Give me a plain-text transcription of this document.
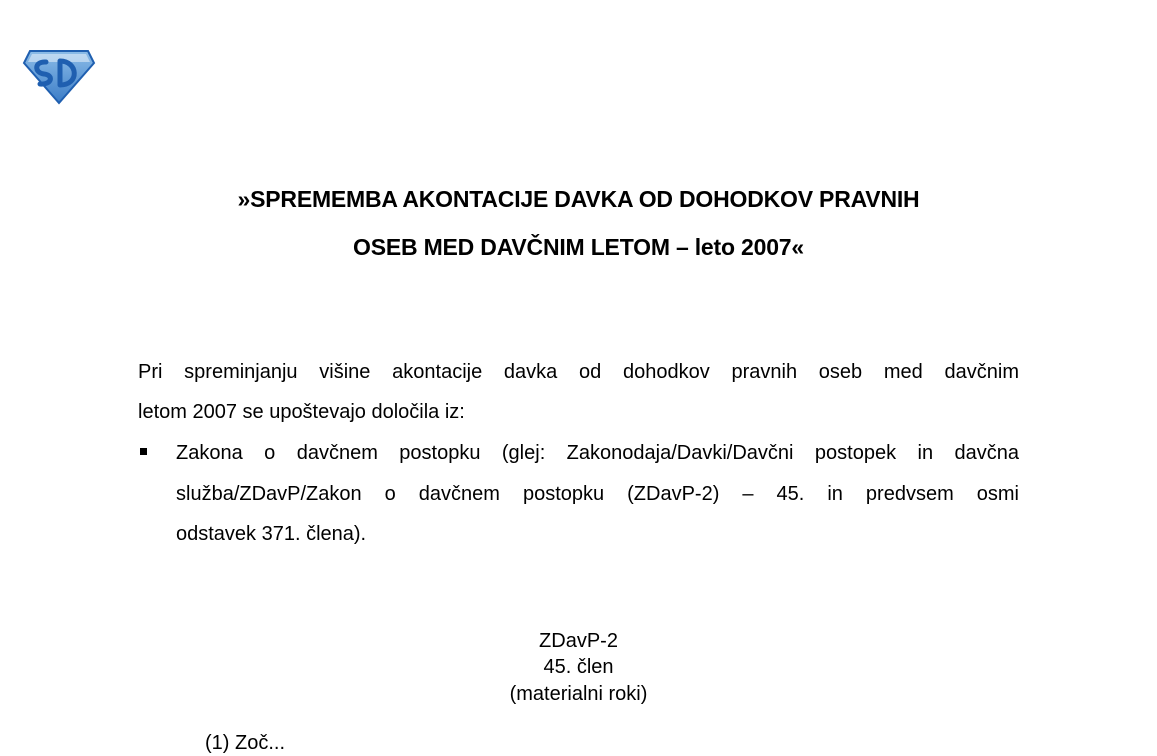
»SPREMEMBA AKONTACIJE DAVKA OD DOHODKOV PRAVNIH

OSEB MED DAVČNIM LETOM – leto 2007«

Pri spreminjanju višine akontacije davka od dohodkov pravnih oseb med davčnim

letom 2007 se upoštevajo določila iz:

Zakona o davčnem postopku (glej: Zakonodaja/Davki/Davčni postopek in davčna

služba/ZDavP/Zakon o davčnem postopku (ZDavP-2) – 45. in predvsem osmi

odstavek 371. člena).

ZDavP-2

45. člen

(materialni roki)

(1) Zoč...
